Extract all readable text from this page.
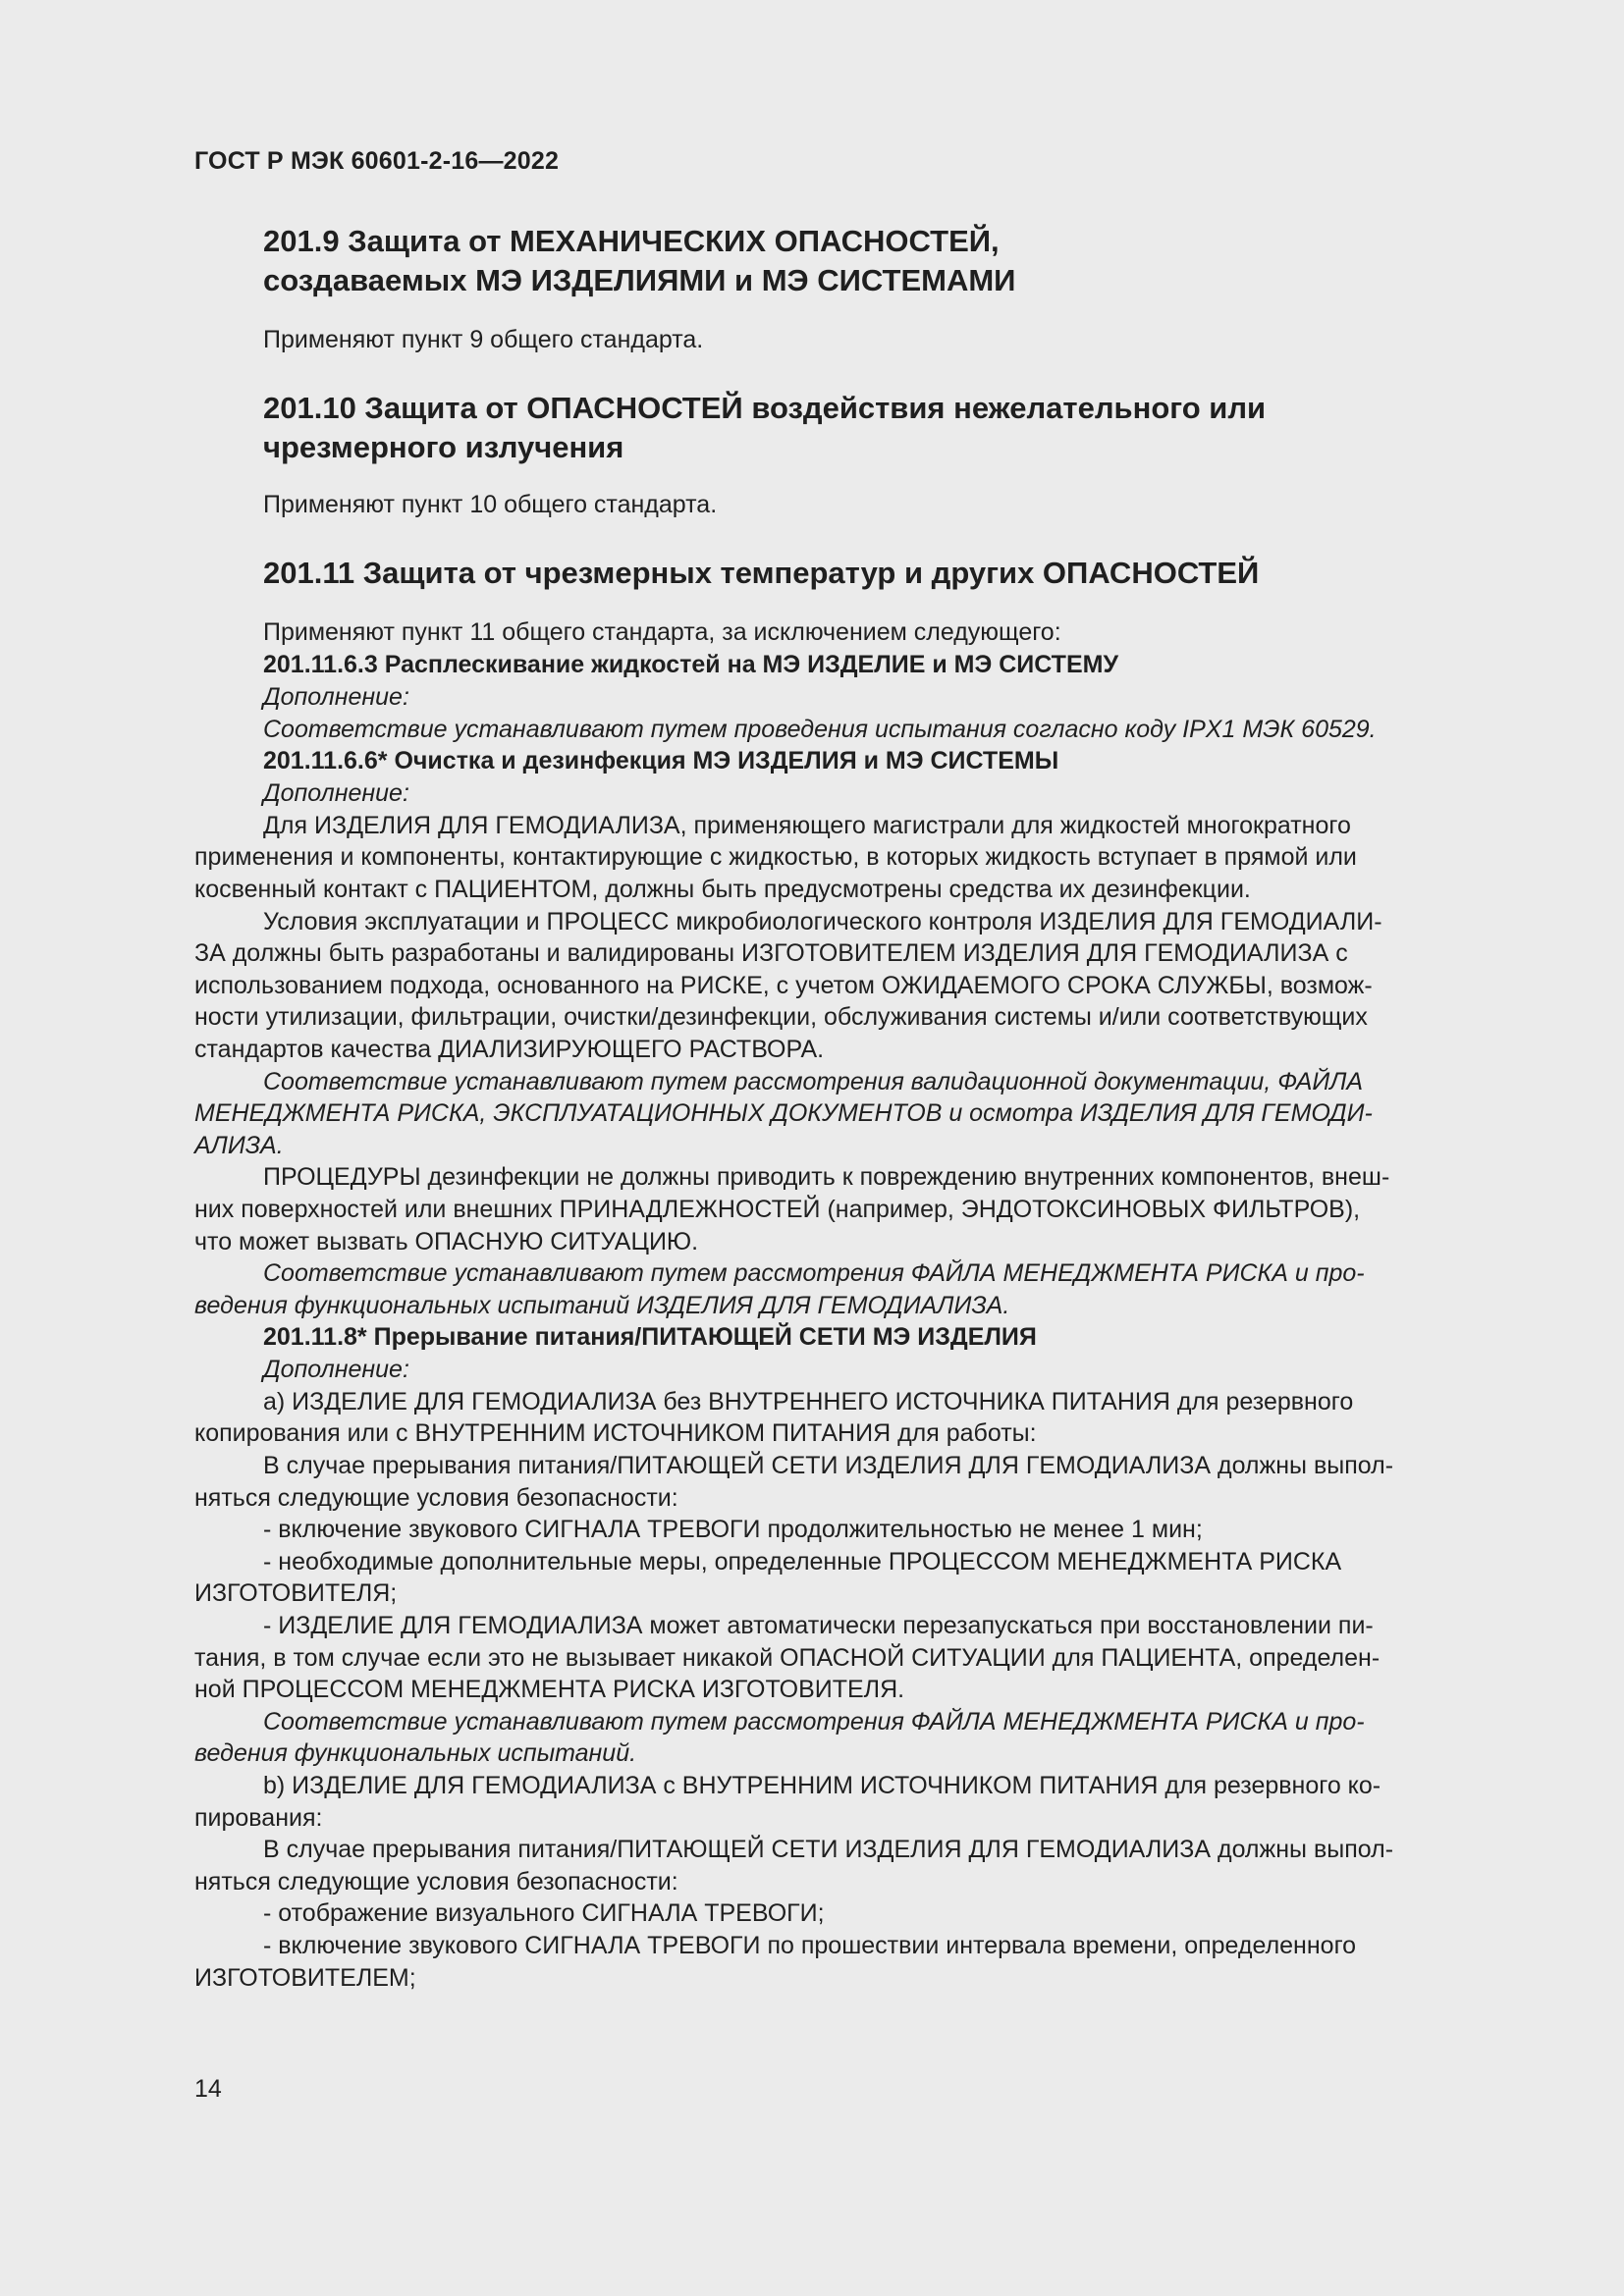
ГОСТ Р МЭК 60601-2-16—2022
201.9 Защита от МЕХАНИЧЕСКИХ ОПАСНОСТЕЙ,
создаваемых МЭ ИЗДЕЛИЯМИ и МЭ СИСТЕМАМИ
Применяют пункт 9 общего стандарта.
201.10 Защита от ОПАСНОСТЕЙ воздействия нежелательного или
чрезмерного излучения
Применяют пункт 10 общего стандарта.
201.11 Защита от чрезмерных температур и других ОПАСНОСТЕЙ
Применяют пункт 11 общего стандарта, за исключением следующего:
201.11.6.3 Расплескивание жидкостей на МЭ ИЗДЕЛИЕ и МЭ СИСТЕМУ
Дополнение:
Соответствие устанавливают путем проведения испытания согласно коду IPX1 МЭК 60529.
201.11.6.6* Очистка и дезинфекция МЭ ИЗДЕЛИЯ и МЭ СИСТЕМЫ
Дополнение:
Для ИЗДЕЛИЯ ДЛЯ ГЕМОДИАЛИЗА, применяющего магистрали для жидкостей многократного
применения и компоненты, контактирующие с жидкостью, в которых жидкость вступает в прямой или
косвенный контакт с ПАЦИЕНТОМ, должны быть предусмотрены средства их дезинфекции.
Условия эксплуатации и ПРОЦЕСС микробиологического контроля ИЗДЕЛИЯ ДЛЯ ГЕМОДИАЛИ-
ЗА должны быть разработаны и валидированы ИЗГОТОВИТЕЛЕМ ИЗДЕЛИЯ ДЛЯ ГЕМОДИАЛИЗА с
использованием подхода, основанного на РИСКЕ, с учетом ОЖИДАЕМОГО СРОКА СЛУЖБЫ, возмож-
ности утилизации, фильтрации, очистки/дезинфекции, обслуживания системы и/или соответствующих
стандартов качества ДИАЛИЗИРУЮЩЕГО РАСТВОРА.
Соответствие устанавливают путем рассмотрения валидационной документации, ФАЙЛА
МЕНЕДЖМЕНТА РИСКА, ЭКСПЛУАТАЦИОННЫХ ДОКУМЕНТОВ и осмотра ИЗДЕЛИЯ ДЛЯ ГЕМОДИ-
АЛИЗА.
ПРОЦЕДУРЫ дезинфекции не должны приводить к повреждению внутренних компонентов, внеш-
них поверхностей или внешних ПРИНАДЛЕЖНОСТЕЙ (например, ЭНДОТОКСИНОВЫХ ФИЛЬТРОВ),
что может вызвать ОПАСНУЮ СИТУАЦИЮ.
Соответствие устанавливают путем рассмотрения ФАЙЛА МЕНЕДЖМЕНТА РИСКА и про-
ведения функциональных испытаний ИЗДЕЛИЯ ДЛЯ ГЕМОДИАЛИЗА.
201.11.8* Прерывание питания/ПИТАЮЩЕЙ СЕТИ МЭ ИЗДЕЛИЯ
Дополнение:
a) ИЗДЕЛИЕ ДЛЯ ГЕМОДИАЛИЗА без ВНУТРЕННЕГО ИСТОЧНИКА ПИТАНИЯ для резервного
копирования или с ВНУТРЕННИМ ИСТОЧНИКОМ ПИТАНИЯ для работы:
В случае прерывания питания/ПИТАЮЩЕЙ СЕТИ ИЗДЕЛИЯ ДЛЯ ГЕМОДИАЛИЗА должны выпол-
няться следующие условия безопасности:
- включение звукового СИГНАЛА ТРЕВОГИ продолжительностью не менее 1 мин;
- необходимые дополнительные меры, определенные ПРОЦЕССОМ МЕНЕДЖМЕНТА РИСКА
ИЗГОТОВИТЕЛЯ;
- ИЗДЕЛИЕ ДЛЯ ГЕМОДИАЛИЗА может автоматически перезапускаться при восстановлении пи-
тания, в том случае если это не вызывает никакой ОПАСНОЙ СИТУАЦИИ для ПАЦИЕНТА, определен-
ной ПРОЦЕССОМ МЕНЕДЖМЕНТА РИСКА ИЗГОТОВИТЕЛЯ.
Соответствие устанавливают путем рассмотрения ФАЙЛА МЕНЕДЖМЕНТА РИСКА и про-
ведения функциональных испытаний.
b) ИЗДЕЛИЕ ДЛЯ ГЕМОДИАЛИЗА с ВНУТРЕННИМ ИСТОЧНИКОМ ПИТАНИЯ для резервного ко-
пирования:
В случае прерывания питания/ПИТАЮЩЕЙ СЕТИ ИЗДЕЛИЯ ДЛЯ ГЕМОДИАЛИЗА должны выпол-
няться следующие условия безопасности:
- отображение визуального СИГНАЛА ТРЕВОГИ;
- включение звукового СИГНАЛА ТРЕВОГИ по прошествии интервала времени, определенного
ИЗГОТОВИТЕЛЕМ;
14
